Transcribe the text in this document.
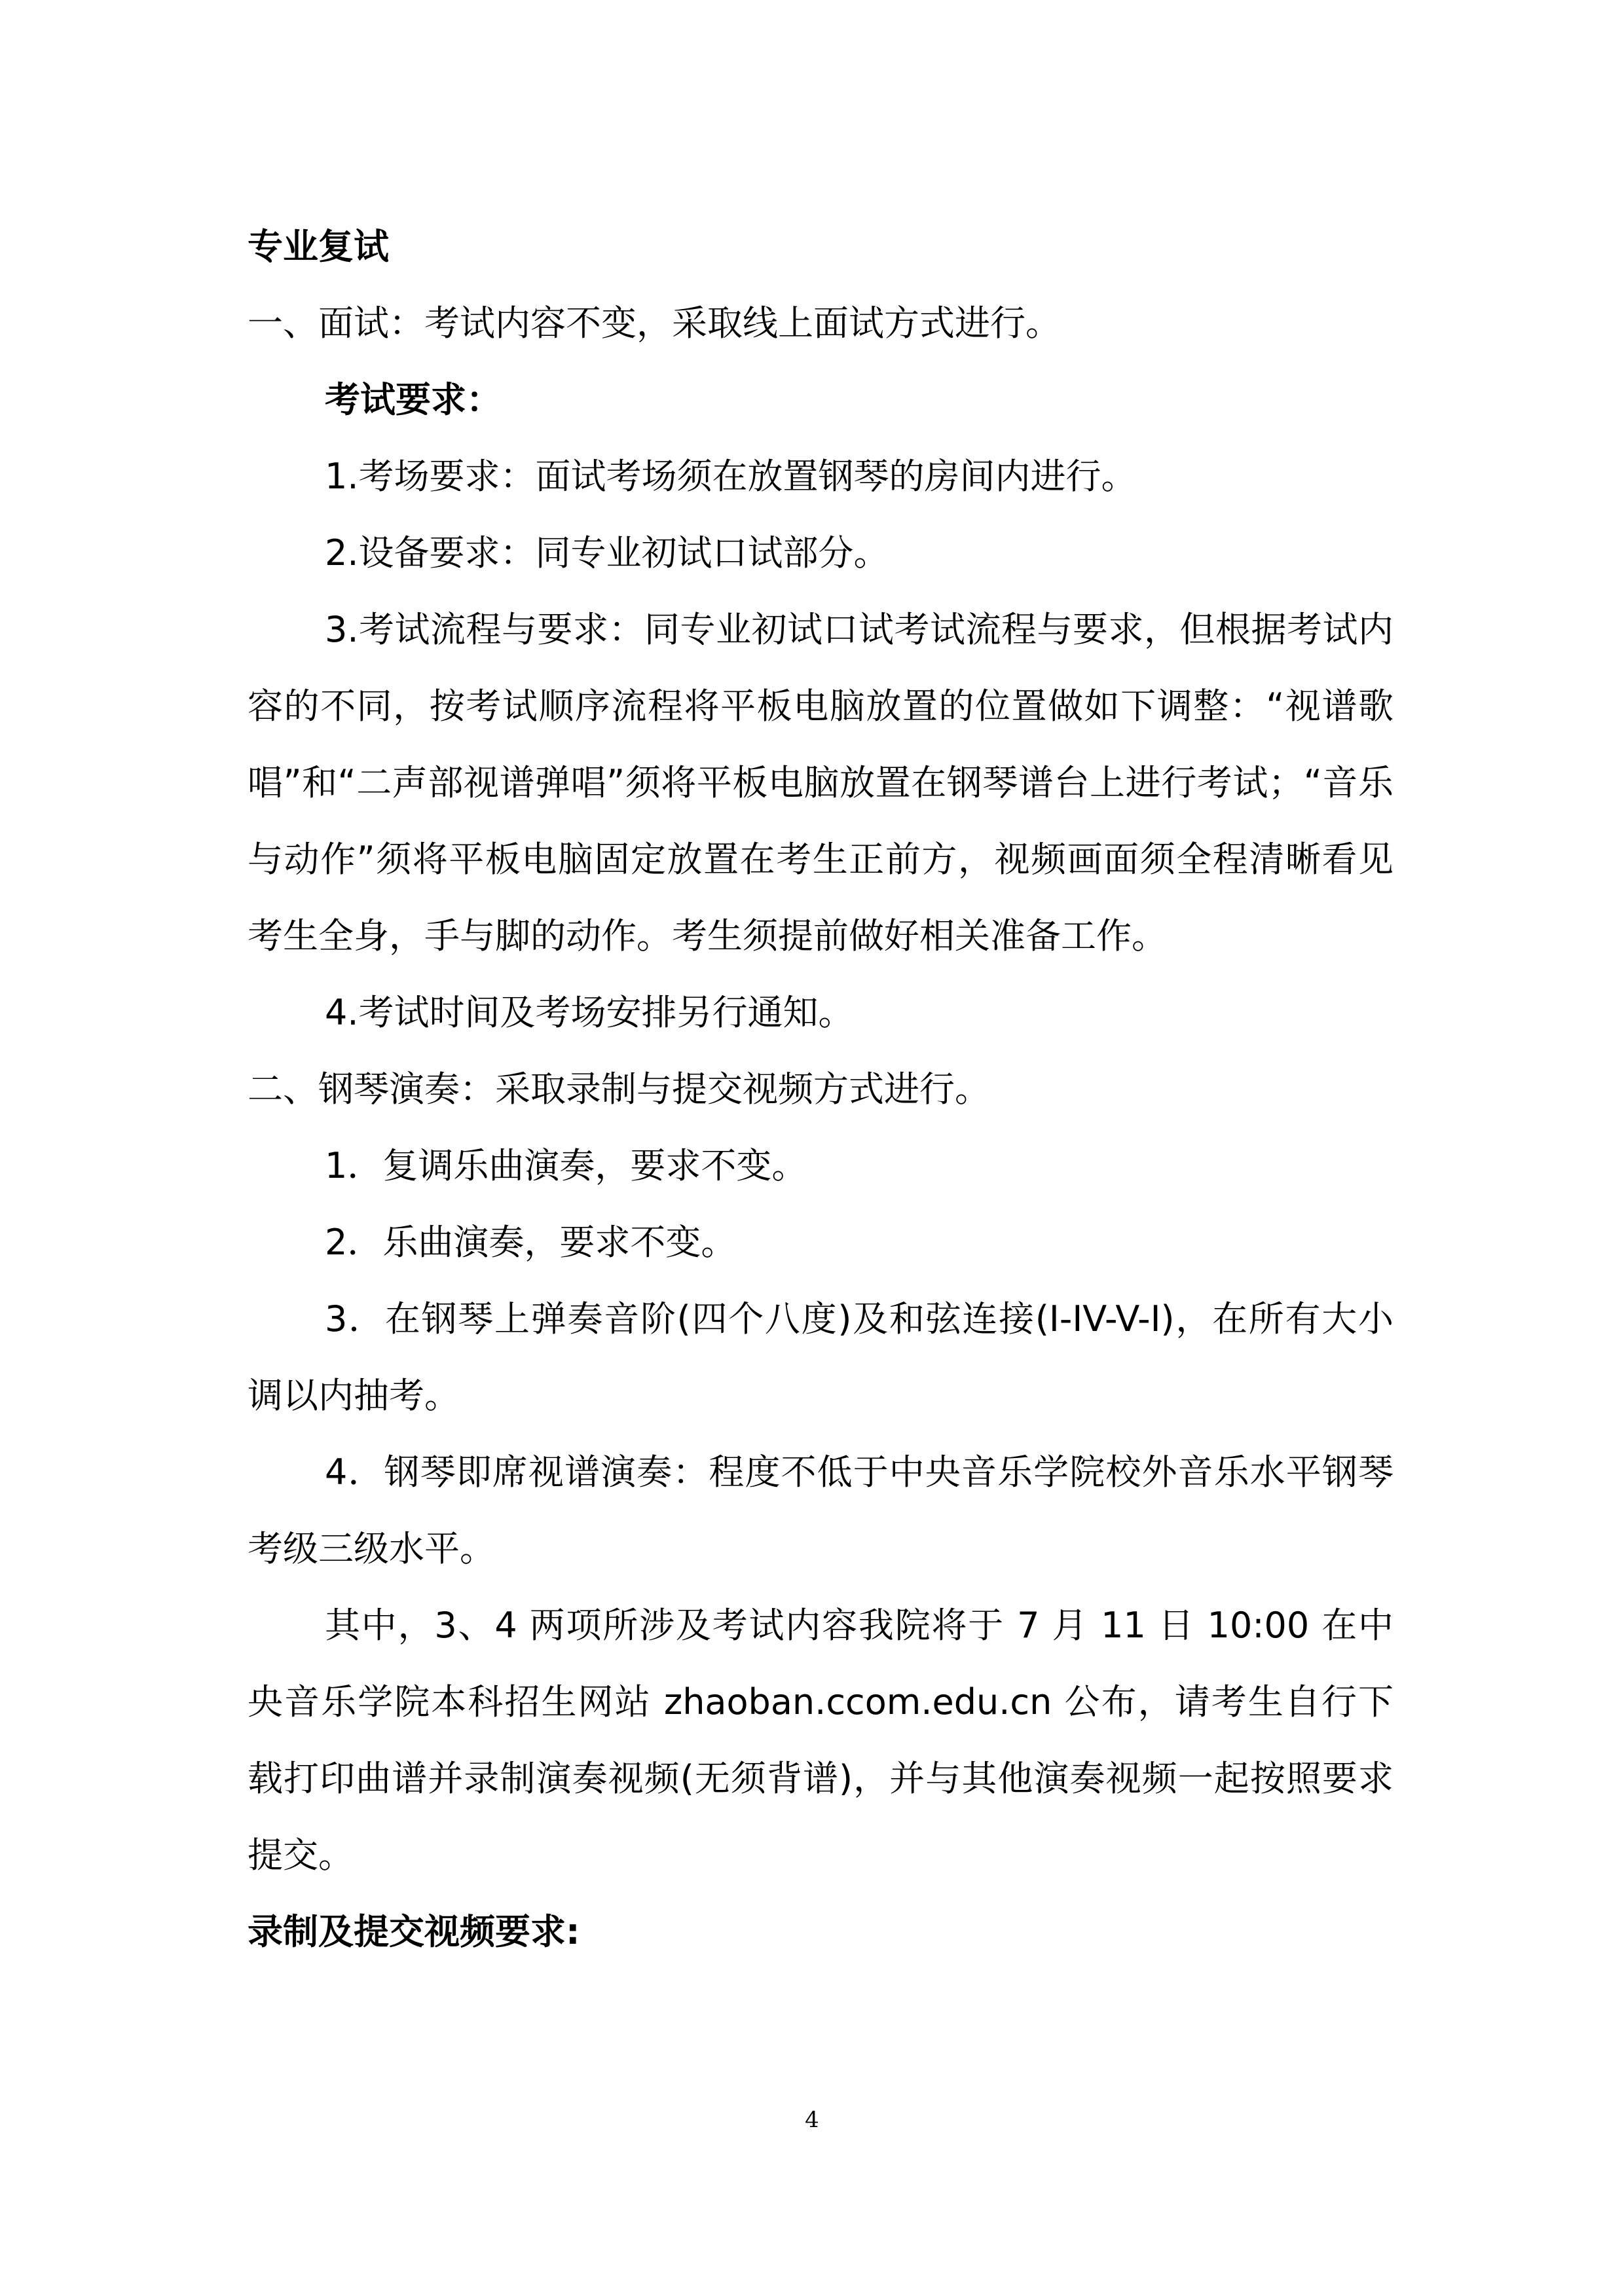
专业复试

一、面试：考试内容不变，采取线上面试方式进行。

考试要求：

1.考场要求：面试考场须在放置钢琴的房间内进行。

2.设备要求：同专业初试口试部分。

3.考试流程与要求：同专业初试口试考试流程与要求，但根据考试内容的不同，按考试顺序流程将平板电脑放置的位置做如下调整：“视谱歌唱”和“二声部视谱弹唱”须将平板电脑放置在钢琴谱台上进行考试；“音乐与动作”须将平板电脑固定放置在考生正前方，视频画面须全程清晰看见考生全身，手与脚的动作。考生须提前做好相关准备工作。

4.考试时间及考场安排另行通知。

二、钢琴演奏：采取录制与提交视频方式进行。

1．复调乐曲演奏，要求不变。

2．乐曲演奏，要求不变。

3．在钢琴上弹奏音阶(四个八度)及和弦连接(I-IV-V-I)，在所有大小调以内抽考。

4．钢琴即席视谱演奏：程度不低于中央音乐学院校外音乐水平钢琴考级三级水平。

其中，3、4 两项所涉及考试内容我院将于 7 月 11 日 10:00 在中央音乐学院本科招生网站 zhaoban.ccom.edu.cn 公布，请考生自行下载打印曲谱并录制演奏视频(无须背谱)，并与其他演奏视频一起按照要求提交。

录制及提交视频要求:

4
